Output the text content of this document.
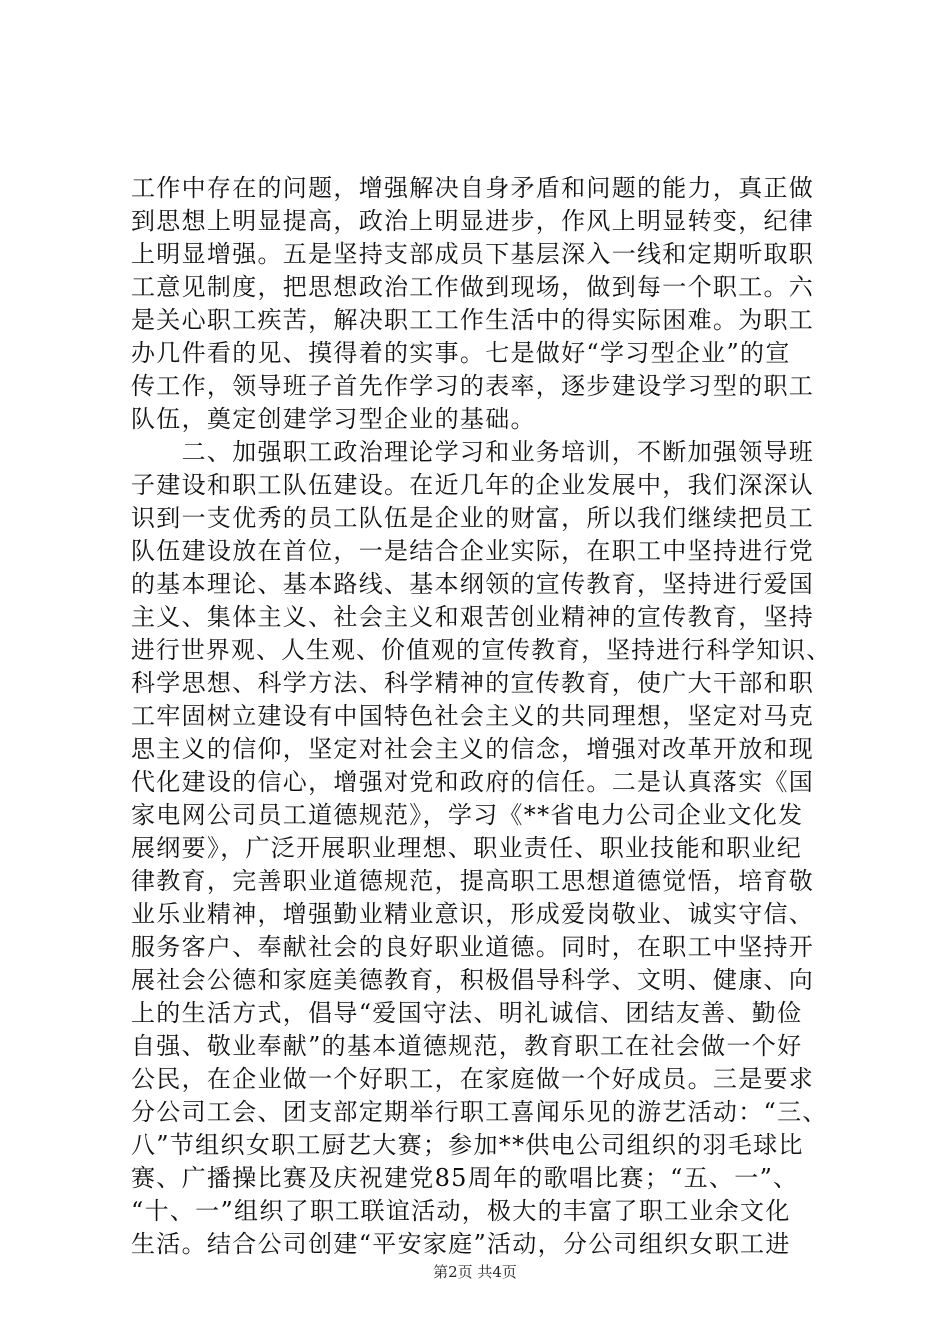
工作中存在的问题，增强解决自身矛盾和问题的能力，真正做
到思想上明显提高，政治上明显进步，作风上明显转变，纪律
上明显增强。五是坚持支部成员下基层深入一线和定期听取职
工意见制度，把思想政治工作做到现场，做到每一个职工。六
是关心职工疾苦，解决职工工作生活中的得实际困难。为职工
办几件看的见、摸得着的实事。七是做好“学习型企业”的宣
传工作，领导班子首先作学习的表率，逐步建设学习型的职工
队伍，奠定创建学习型企业的基础。
　　二、加强职工政治理论学习和业务培训，不断加强领导班
子建设和职工队伍建设。在近几年的企业发展中，我们深深认
识到一支优秀的员工队伍是企业的财富，所以我们继续把员工
队伍建设放在首位，一是结合企业实际，在职工中坚持进行党
的基本理论、基本路线、基本纲领的宣传教育，坚持进行爱国
主义、集体主义、社会主义和艰苦创业精神的宣传教育，坚持
进行世界观、人生观、价值观的宣传教育，坚持进行科学知识、
科学思想、科学方法、科学精神的宣传教育，使广大干部和职
工牢固树立建设有中国特色社会主义的共同理想，坚定对马克
思主义的信仰，坚定对社会主义的信念，增强对改革开放和现
代化建设的信心，增强对党和政府的信任。二是认真落实《国
家电网公司员工道德规范》，学习《**省电力公司企业文化发
展纲要》，广泛开展职业理想、职业责任、职业技能和职业纪
律教育，完善职业道德规范，提高职工思想道德觉悟，培育敬
业乐业精神，增强勤业精业意识，形成爱岗敬业、诚实守信、
服务客户、奉献社会的良好职业道德。同时，在职工中坚持开
展社会公德和家庭美德教育，积极倡导科学、文明、健康、向
上的生活方式，倡导“爱国守法、明礼诚信、团结友善、勤俭
自强、敬业奉献”的基本道德规范，教育职工在社会做一个好
公民，在企业做一个好职工，在家庭做一个好成员。三是要求
分公司工会、团支部定期举行职工喜闻乐见的游艺活动：“三、
八”节组织女职工厨艺大赛；参加**供电公司组织的羽毛球比
赛、广播操比赛及庆祝建党85周年的歌唱比赛；“五、一”、
“十、一”组织了职工联谊活动，极大的丰富了职工业余文化
生活。结合公司创建“平安家庭”活动，分公司组织女职工进
第2页 共4页
